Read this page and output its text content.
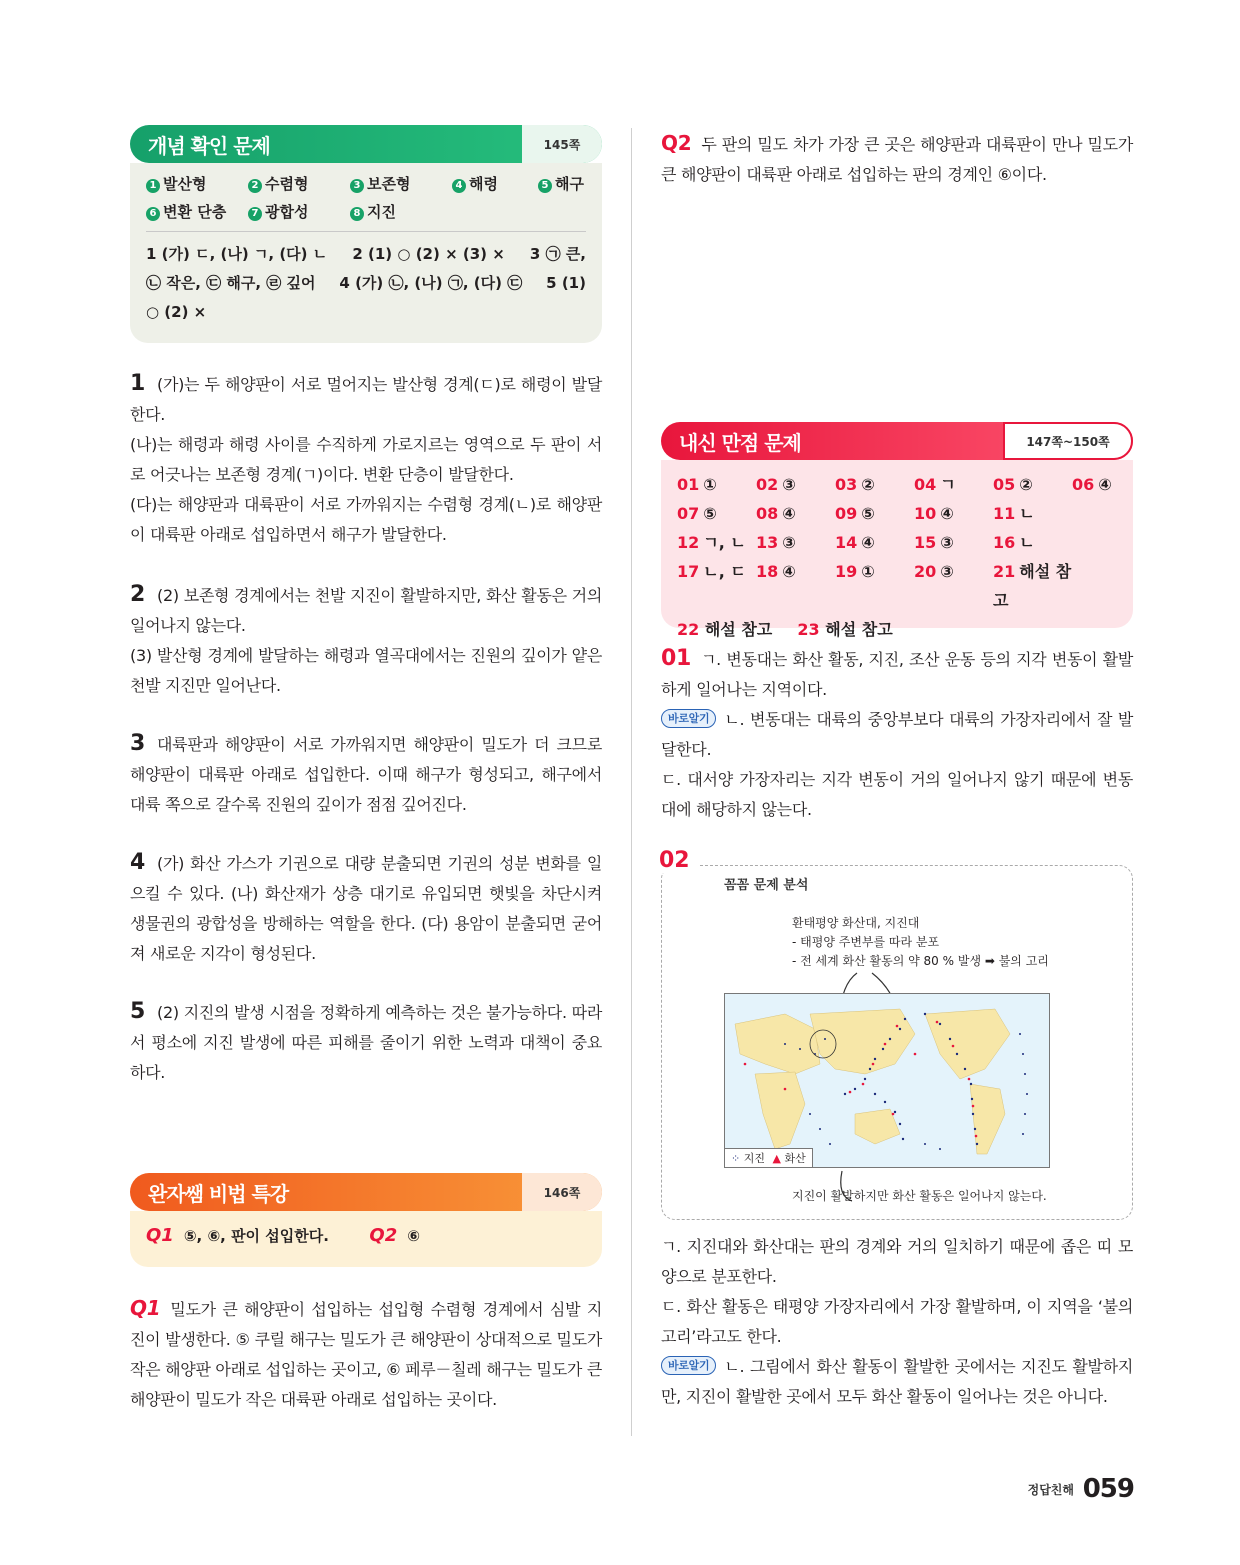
개념 확인 문제	145쪽
1 발산형	2 수렴형	3 보존형	4 해령	5 해구
6 변환 단층	7 광합성	8 지진
1 (가) ㄷ, (나) ㄱ, (다) ㄴ 2 (1) ○ (2) × (3) × 3 ㉠ 큰,
㉡ 작은, ㉢ 해구, ㉣ 깊어 4 (가) ㉡, (나) ㉠, (다) ㉢ 5 (1)
○ (2) ×
1 (가)는 두 해양판이 서로 멀어지는 발산형 경계(ㄷ)로 해령이 발달한다.
(나)는 해령과 해령 사이를 수직하게 가로지르는 영역으로 두 판이 서로 어긋나는 보존형 경계(ㄱ)이다. 변환 단층이 발달한다.
(다)는 해양판과 대륙판이 서로 가까워지는 수렴형 경계(ㄴ)로 해양판이 대륙판 아래로 섭입하면서 해구가 발달한다.
2 (2) 보존형 경계에서는 천발 지진이 활발하지만, 화산 활동은 거의 일어나지 않는다.
(3) 발산형 경계에 발달하는 해령과 열곡대에서는 진원의 깊이가 얕은 천발 지진만 일어난다.
3 대륙판과 해양판이 서로 가까워지면 해양판이 밀도가 더 크므로 해양판이 대륙판 아래로 섭입한다. 이때 해구가 형성되고, 해구에서 대륙 쪽으로 갈수록 진원의 깊이가 점점 깊어진다.
4 (가) 화산 가스가 기권으로 대량 분출되면 기권의 성분 변화를 일으킬 수 있다. (나) 화산재가 상층 대기로 유입되면 햇빛을 차단시켜 생물권의 광합성을 방해하는 역할을 한다. (다) 용암이 분출되면 굳어져 새로운 지각이 형성된다.
5 (2) 지진의 발생 시점을 정확하게 예측하는 것은 불가능하다. 따라서 평소에 지진 발생에 따른 피해를 줄이기 위한 노력과 대책이 중요하다.
완자쌤 비법 특강	146쪽
Q1 ⑤, ⑥, 판이 섭입한다. Q2 ⑥
Q1 밀도가 큰 해양판이 섭입하는 섭입형 수렴형 경계에서 심발 지진이 발생한다. ⑤ 쿠릴 해구는 밀도가 큰 해양판이 상대적으로 밀도가 작은 해양판 아래로 섭입하는 곳이고, ⑥ 페루－칠레 해구는 밀도가 큰 해양판이 밀도가 작은 대륙판 아래로 섭입하는 곳이다.
Q2 두 판의 밀도 차가 가장 큰 곳은 해양판과 대륙판이 만나 밀도가 큰 해양판이 대륙판 아래로 섭입하는 판의 경계인 ⑥이다.
내신 만점 문제	147쪽~150쪽
01 ①	02 ③	03 ②	04 ㄱ	05 ②	06 ④
07 ⑤	08 ④	09 ⑤	10 ④	11 ㄴ
12 ㄱ, ㄴ 13 ③	14 ④	15 ③	16 ㄴ
17 ㄴ, ㄷ 18 ④	19 ①	20 ③	21 해설 참고
22 해설 참고 23 해설 참고
01 ㄱ. 변동대는 화산 활동, 지진, 조산 운동 등의 지각 변동이 활발하게 일어나는 지역이다.
바로알기 ㄴ. 변동대는 대륙의 중앙부보다 대륙의 가장자리에서 잘 발달한다.
ㄷ. 대서양 가장자리는 지각 변동이 거의 일어나지 않기 때문에 변동대에 해당하지 않는다.
02
꼼꼼 문제 분석
환태평양 화산대, 지진대
- 태평양 주변부를 따라 분포
- 전 세계 화산 활동의 약 80 % 발생 ➡ 불의 고리
⁘ 지진 ▲ 화산
지진이 활발하지만 화산 활동은 일어나지 않는다.
ㄱ. 지진대와 화산대는 판의 경계와 거의 일치하기 때문에 좁은 띠 모양으로 분포한다.
ㄷ. 화산 활동은 태평양 가장자리에서 가장 활발하며, 이 지역을 ‘불의 고리’라고도 한다.
바로알기 ㄴ. 그림에서 화산 활동이 활발한 곳에서는 지진도 활발하지만, 지진이 활발한 곳에서 모두 화산 활동이 일어나는 것은 아니다.
정답친해 059
